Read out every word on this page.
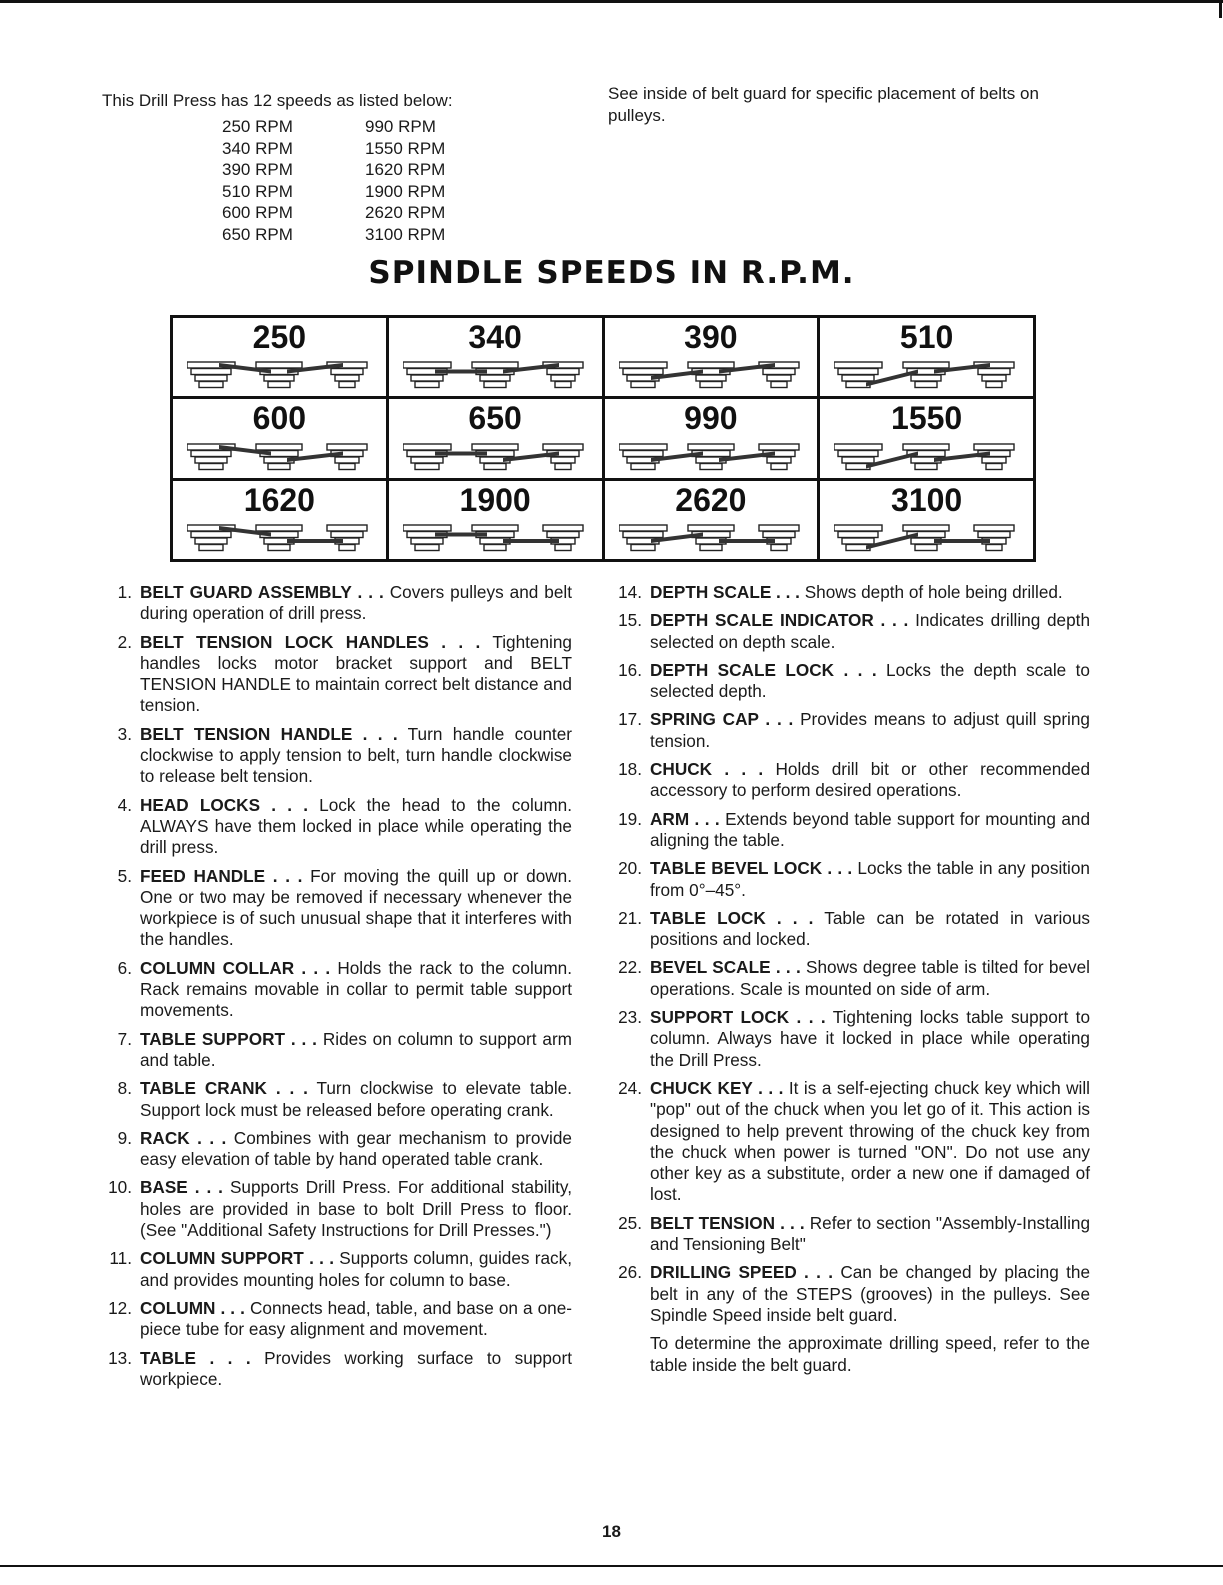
This Drill Press has 12 speeds as listed below:
250 RPM	990 RPM
340 RPM	1550 RPM
390 RPM	1620 RPM
510 RPM	1900 RPM
600 RPM	2620 RPM
650 RPM	3100 RPM
See inside of belt guard for specific placement of belts on pulleys.
SPINDLE SPEEDS IN R.P.M.
250	340	390	510
600	650	990	1550
1620	1900	2620	3100
1. BELT GUARD ASSEMBLY . . . Covers pulleys and belt during operation of drill press.
2. BELT TENSION LOCK HANDLES . . . Tightening handles locks motor bracket support and BELT TENSION HANDLE to maintain correct belt distance and tension.
3. BELT TENSION HANDLE . . . Turn handle counter clockwise to apply tension to belt, turn handle clockwise to release belt tension.
4. HEAD LOCKS . . . Lock the head to the column. ALWAYS have them locked in place while operating the drill press.
5. FEED HANDLE . . . For moving the quill up or down. One or two may be removed if necessary whenever the workpiece is of such unusual shape that it interferes with the handles.
6. COLUMN COLLAR . . . Holds the rack to the column. Rack remains movable in collar to permit table support movements.
7. TABLE SUPPORT . . . Rides on column to support arm and table.
8. TABLE CRANK . . . Turn clockwise to elevate table. Support lock must be released before operating crank.
9. RACK . . . Combines with gear mechanism to provide easy elevation of table by hand operated table crank.
10. BASE . . . Supports Drill Press. For additional stability, holes are provided in base to bolt Drill Press to floor. (See "Additional Safety Instructions for Drill Presses.")
11. COLUMN SUPPORT . . . Supports column, guides rack, and provides mounting holes for column to base.
12. COLUMN . . . Connects head, table, and base on a one-piece tube for easy alignment and movement.
13. TABLE . . . Provides working surface to support workpiece.
14. DEPTH SCALE . . . Shows depth of hole being drilled.
15. DEPTH SCALE INDICATOR . . . Indicates drilling depth selected on depth scale.
16. DEPTH SCALE LOCK . . . Locks the depth scale to selected depth.
17. SPRING CAP . . . Provides means to adjust quill spring tension.
18. CHUCK . . . Holds drill bit or other recommended accessory to perform desired operations.
19. ARM . . . Extends beyond table support for mounting and aligning the table.
20. TABLE BEVEL LOCK . . . Locks the table in any position from 0°–45°.
21. TABLE LOCK . . . Table can be rotated in various positions and locked.
22. BEVEL SCALE . . . Shows degree table is tilted for bevel operations. Scale is mounted on side of arm.
23. SUPPORT LOCK . . . Tightening locks table support to column. Always have it locked in place while operating the Drill Press.
24. CHUCK KEY . . . It is a self-ejecting chuck key which will "pop" out of the chuck when you let go of it. This action is designed to help prevent throwing of the chuck key from the chuck when power is turned "ON". Do not use any other key as a substitute, order a new one if damaged of lost.
25. BELT TENSION . . . Refer to section "Assembly-Installing and Tensioning Belt"
26. DRILLING SPEED . . . Can be changed by placing the belt in any of the STEPS (grooves) in the pulleys. See Spindle Speed inside belt guard.
To determine the approximate drilling speed, refer to the table inside the belt guard.
18
